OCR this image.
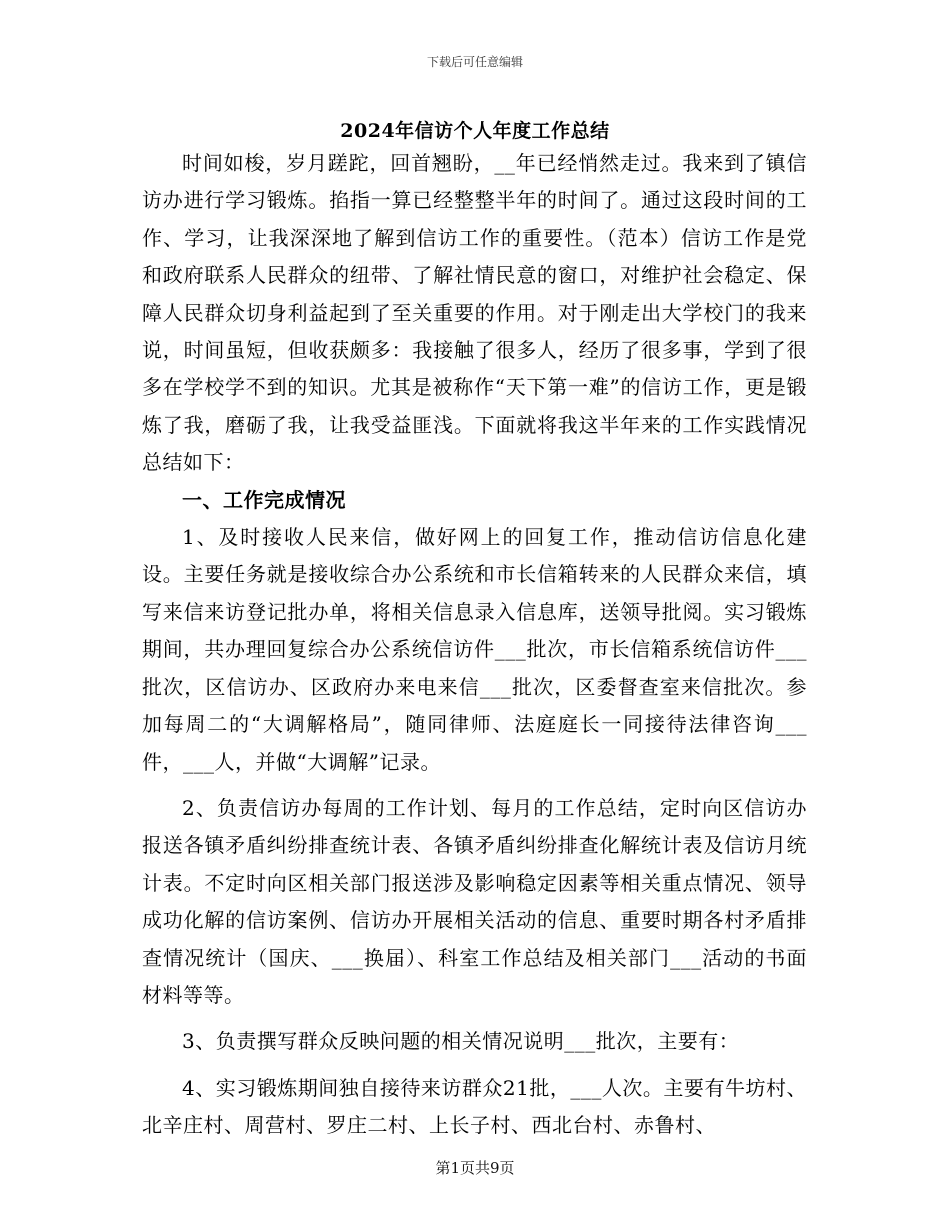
下载后可任意编辑
2024年信访个人年度工作总结

时间如梭，岁月蹉跎，回首翘盼，__年已经悄然走过。我来到了镇信访办进行学习锻炼。掐指一算已经整整半年的时间了。通过这段时间的工作、学习，让我深深地了解到信访工作的重要性。（范本）信访工作是党和政府联系人民群众的纽带、了解社情民意的窗口，对维护社会稳定、保障人民群众切身利益起到了至关重要的作用。对于刚走出大学校门的我来说，时间虽短，但收获颇多：我接触了很多人，经历了很多事，学到了很多在学校学不到的知识。尤其是被称作“天下第一难”的信访工作，更是锻炼了我，磨砺了我，让我受益匪浅。下面就将我这半年来的工作实践情况总结如下：

一、工作完成情况

1、及时接收人民来信，做好网上的回复工作，推动信访信息化建设。主要任务就是接收综合办公系统和市长信箱转来的人民群众来信，填写来信来访登记批办单，将相关信息录入信息库，送领导批阅。实习锻炼期间，共办理回复综合办公系统信访件___批次，市长信箱系统信访件___批次，区信访办、区政府办来电来信___批次，区委督查室来信批次。参加每周二的“大调解格局”，随同律师、法庭庭长一同接待法律咨询___件，___人，并做“大调解”记录。

2、负责信访办每周的工作计划、每月的工作总结，定时向区信访办报送各镇矛盾纠纷排查统计表、各镇矛盾纠纷排查化解统计表及信访月统计表。不定时向区相关部门报送涉及影响稳定因素等相关重点情况、领导成功化解的信访案例、信访办开展相关活动的信息、重要时期各村矛盾排查情况统计（国庆、___换届）、科室工作总结及相关部门___活动的书面材料等等。

3、负责撰写群众反映问题的相关情况说明___批次，主要有：

4、实习锻炼期间独自接待来访群众21批，___人次。主要有牛坊村、北辛庄村、周营村、罗庄二村、上长子村、西北台村、赤鲁村、

第1页共9页
